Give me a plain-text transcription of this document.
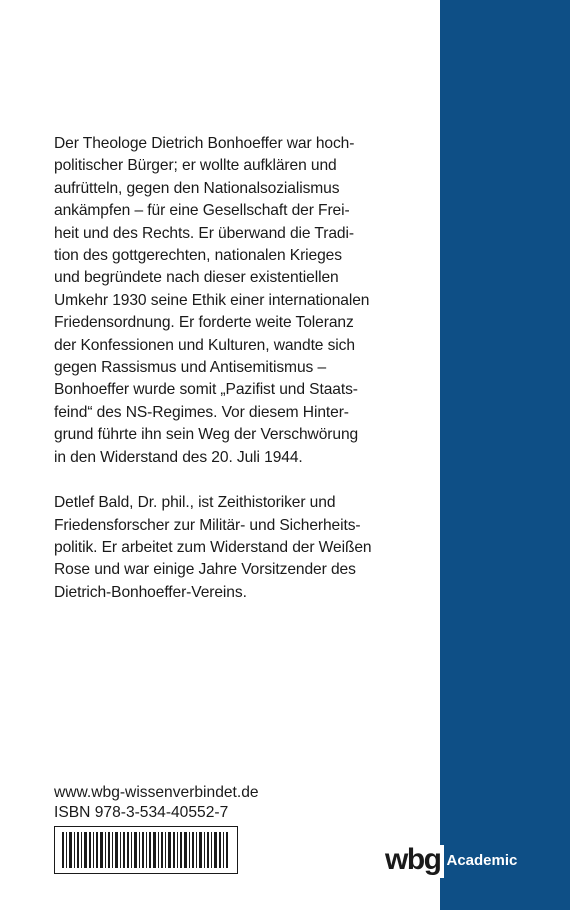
Der Theologe Dietrich Bonhoeffer war hoch-
politischer Bürger; er wollte aufklären und
aufrütteln, gegen den Nationalsozialismus
ankämpfen – für eine Gesellschaft der Frei-
heit und des Rechts. Er überwand die Tradi-
tion des gottgerechten, nationalen Krieges
und begründete nach dieser existentiellen
Umkehr 1930 seine Ethik einer internationalen
Friedensordnung. Er forderte weite Toleranz
der Konfessionen und Kulturen, wandte sich
gegen Rassismus und Antisemitismus –
Bonhoeffer wurde somit „Pazifist und Staats-
feind“ des NS-Regimes. Vor diesem Hinter-
grund führte ihn sein Weg der Verschwörung
in den Widerstand des 20. Juli 1944.

Detlef Bald, Dr. phil., ist Zeithistoriker und
Friedensforscher zur Militär- und Sicherheits-
politik. Er arbeitet zum Widerstand der Weißen
Rose und war einige Jahre Vorsitzender des
Dietrich-Bonhoeffer-Vereins.

www.wbg-wissenverbindet.de
ISBN 978-3-534-40552-7
wbg Academic
